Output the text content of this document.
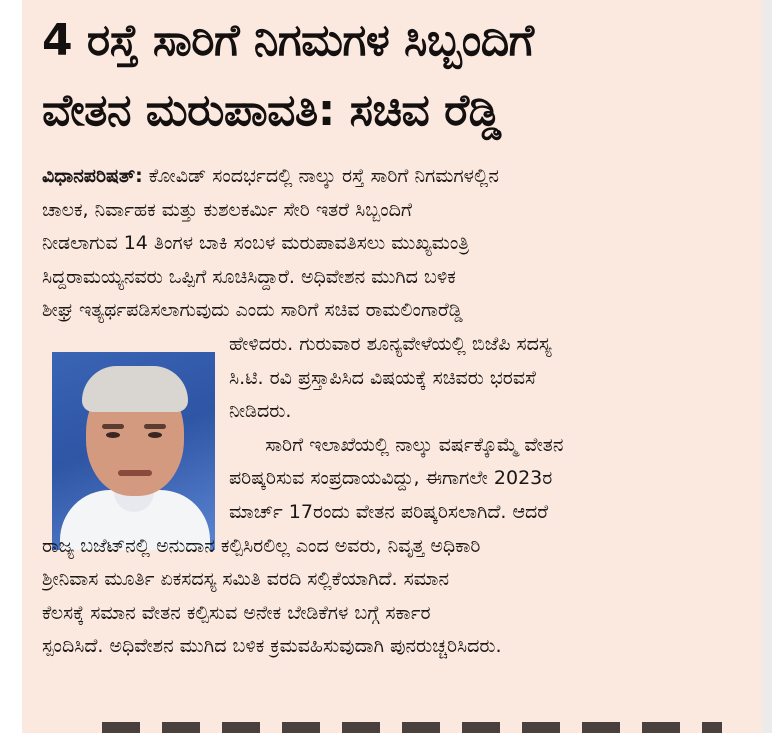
4 ರಸ್ತೆ ಸಾರಿಗೆ ನಿಗಮಗಳ ಸಿಬ್ಬಂದಿಗೆ
ವೇತನ ಮರುಪಾವತಿ: ಸಚಿವ ರೆಡ್ಡಿ
ವಿಧಾನಪರಿಷತ್: ಕೋವಿಡ್ ಸಂದರ್ಭದಲ್ಲಿ ನಾಲ್ಕು ರಸ್ತೆ ಸಾರಿಗೆ ನಿಗಮಗಳಲ್ಲಿನ
ಚಾಲಕ, ನಿರ್ವಾಹಕ ಮತ್ತು ಕುಶಲಕರ್ಮಿ ಸೇರಿ ಇತರೆ ಸಿಬ್ಬಂದಿಗೆ
ನೀಡಲಾಗುವ 14 ತಿಂಗಳ ಬಾಕಿ ಸಂಬಳ ಮರುಪಾವತಿಸಲು ಮುಖ್ಯಮಂತ್ರಿ
ಸಿದ್ದರಾಮಯ್ಯನವರು ಒಪ್ಪಿಗೆ ಸೂಚಿಸಿದ್ದಾರೆ. ಅಧಿವೇಶನ ಮುಗಿದ ಬಳಿಕ
ಶೀಘ್ರ ಇತ್ಯರ್ಥಪಡಿಸಲಾಗುವುದು ಎಂದು ಸಾರಿಗೆ ಸಚಿವ ರಾಮಲಿಂಗಾರೆಡ್ಡಿ
ಹೇಳಿದರು. ಗುರುವಾರ ಶೂನ್ಯವೇಳೆಯಲ್ಲಿ ಬಿಜೆಪಿ ಸದಸ್ಯ
ಸಿ.ಟಿ. ರವಿ ಪ್ರಸ್ತಾಪಿಸಿದ ವಿಷಯಕ್ಕೆ ಸಚಿವರು ಭರವಸೆ
ನೀಡಿದರು.
ಸಾರಿಗೆ ಇಲಾಖೆಯಲ್ಲಿ ನಾಲ್ಕು ವರ್ಷಕ್ಕೊಮ್ಮೆ ವೇತನ
ಪರಿಷ್ಕರಿಸುವ ಸಂಪ್ರದಾಯವಿದ್ದು, ಈಗಾಗಲೇ 2023ರ
ಮಾರ್ಚ್ 17ರಂದು ವೇತನ ಪರಿಷ್ಕರಿಸಲಾಗಿದೆ. ಆದರೆ
ರಾಜ್ಯ ಬಜೆಟ್‌ನಲ್ಲಿ ಅನುದಾನ ಕಲ್ಪಿಸಿರಲಿಲ್ಲ ಎಂದ ಅವರು, ನಿವೃತ್ತ ಅಧಿಕಾರಿ
ಶ್ರೀನಿವಾಸ ಮೂರ್ತಿ ಏಕಸದಸ್ಯ ಸಮಿತಿ ವರದಿ ಸಲ್ಲಿಕೆಯಾಗಿದೆ. ಸಮಾನ
ಕೆಲಸಕ್ಕೆ ಸಮಾನ ವೇತನ ಕಲ್ಪಿಸುವ ಅನೇಕ ಬೇಡಿಕೆಗಳ ಬಗ್ಗೆ ಸರ್ಕಾರ
ಸ್ಪಂದಿಸಿದೆ. ಅಧಿವೇಶನ ಮುಗಿದ ಬಳಿಕ ಕ್ರಮವಹಿಸುವುದಾಗಿ ಪುನರುಚ್ಚರಿಸಿದರು.
